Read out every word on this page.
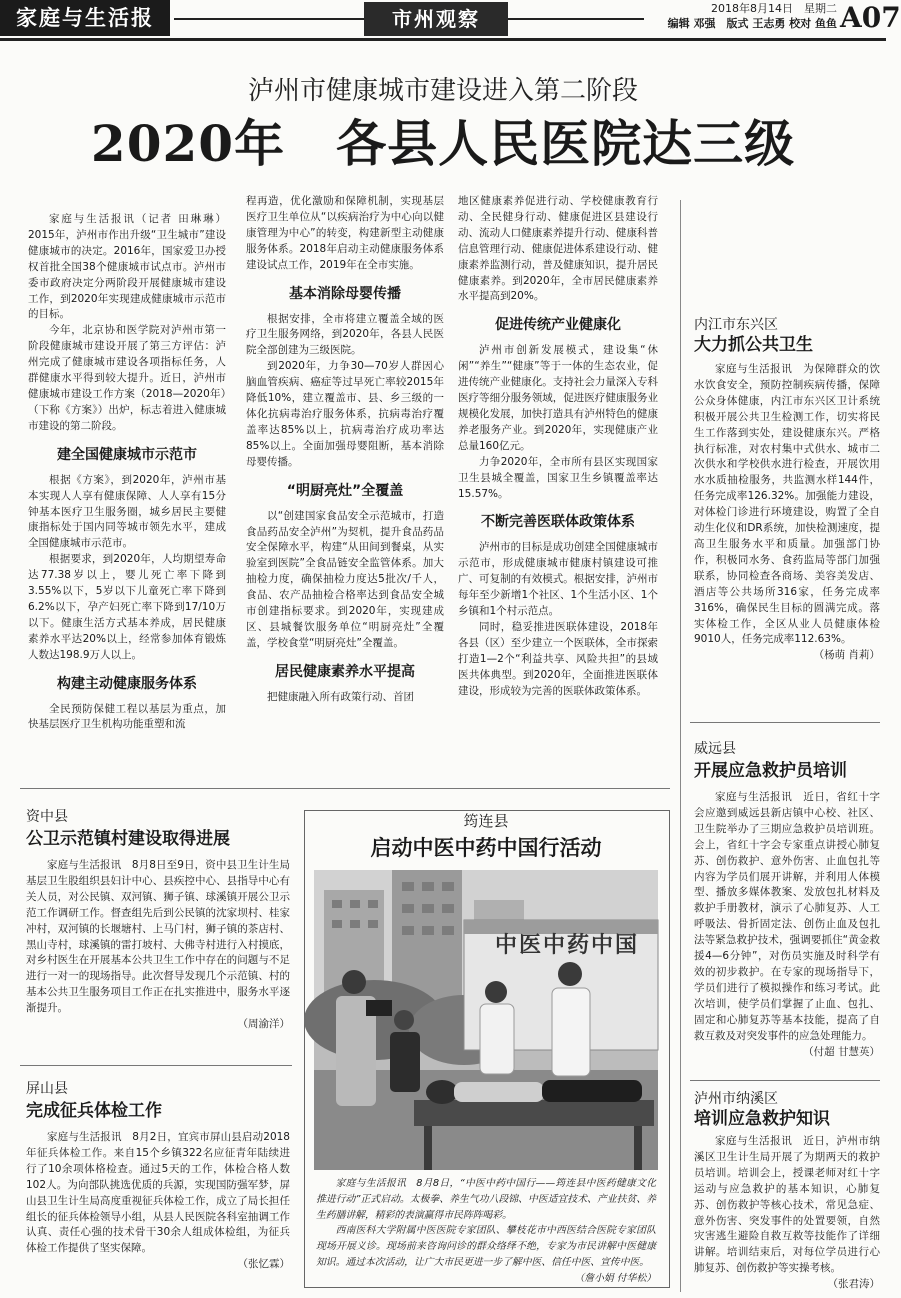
家庭与生活报	市州观察	2018年8月14日　星期二
编辑 邓强　版式 王志勇 校对 鱼鱼 A07
泸州市健康城市建设进入第二阶段
2020年　各县人民医院达三级

家庭与生活报讯（记者 田琳琳）2015年，泸州市作出升级“卫生城市”建设健康城市的决定。2016年，国家爱卫办授权首批全国38个健康城市试点市。泸州市委市政府决定分两阶段开展健康城市建设工作，到2020年实现建成健康城市示范市的目标。

今年，北京协和医学院对泸州市第一阶段健康城市建设开展了第三方评估：泸州完成了健康城市建设各项指标任务，人群健康水平得到较大提升。近日，泸州市健康城市建设工作方案（2018—2020年）（下称《方案》）出炉，标志着进入健康城市建设的第二阶段。

建全国健康城市示范市

根据《方案》，到2020年，泸州市基本实现人人享有健康保障、人人享有15分钟基本医疗卫生服务圈，城乡居民主要健康指标处于国内同等城市领先水平，建成全国健康城市示范市。

根据要求，到2020年，人均期望寿命达77.38岁以上，婴儿死亡率下降到3.55%以下，5岁以下儿童死亡率下降到6.2%以下，孕产妇死亡率下降到17/10万以下。健康生活方式基本养成，居民健康素养水平达20%以上，经常参加体育锻炼人数达198.9万人以上。

构建主动健康服务体系

全民预防保健工程以基层为重点，加快基层医疗卫生机构功能重塑和流

程再造，优化激励和保障机制，实现基层医疗卫生单位从“以疾病治疗为中心向以健康管理为中心”的转变，构建新型主动健康服务体系。2018年启动主动健康服务体系建设试点工作，2019年在全市实施。

基本消除母婴传播

根据安排，全市将建立覆盖全域的医疗卫生服务网络，到2020年，各县人民医院全部创建为三级医院。

到2020年，力争30—70岁人群因心脑血管疾病、癌症等过早死亡率较2015年降低10%，建立覆盖市、县、乡三级的一体化抗病毒治疗服务体系，抗病毒治疗覆盖率达85%以上，抗病毒治疗成功率达85%以上。全面加强母婴阻断，基本消除母婴传播。

“明厨亮灶”全覆盖

以“创建国家食品安全示范城市，打造食品药品安全泸州”为契机，提升食品药品安全保障水平，构建“从田间到餐桌，从实验室到医院”全食品链安全监管体系。加大抽检力度，确保抽检力度达5批次/千人，食品、农产品抽检合格率达到食品安全城市创建指标要求。到2020年，实现建成区、县城餐饮服务单位“明厨亮灶”全覆盖，学校食堂“明厨亮灶”全覆盖。

居民健康素养水平提高

把健康融入所有政策行动、首团

地区健康素养促进行动、学校健康教育行动、全民健身行动、健康促进区县建设行动、流动人口健康素养提升行动、健康科普信息管理行动、健康促进体系建设行动、健康素养监测行动，普及健康知识，提升居民健康素养。到2020年，全市居民健康素养水平提高到20%。

促进传统产业健康化

泸州市创新发展模式，建设集“休闲”“养生”“健康”等于一体的生态农业，促进传统产业健康化。支持社会力量深入专科医疗等细分服务领域，促进医疗健康服务业规模化发展，加快打造具有泸州特色的健康养老服务产业。到2020年，实现健康产业总量160亿元。

力争2020年，全市所有县区实现国家卫生县城全覆盖，国家卫生乡镇覆盖率达15.57%。

不断完善医联体政策体系

泸州市的目标是成功创建全国健康城市示范市，形成健康城市健康村镇建设可推广、可复制的有效模式。根据安排，泸州市每年至少新增1个社区、1个生活小区、1个乡镇和1个村示范点。

同时，稳妥推进医联体建设，2018年各县（区）至少建立一个医联体，全市探索打造1—2个“利益共享、风险共担”的县域医共体典型。到2020年，全面推进医联体建设，形成较为完善的医联体政策体系。

内江市东兴区
大力抓公共卫生

家庭与生活报讯　为保障群众的饮水饮食安全，预防控制疾病传播，保障公众身体健康，内江市东兴区卫计系统积极开展公共卫生检测工作，切实将民生工作落到实处，建设健康东兴。严格执行标准，对农村集中式供水、城市二次供水和学校供水进行检查，开展饮用水水质抽检服务，共监测水样144件，任务完成率126.32%。加强能力建设，对体检门诊进行环境建设，购置了全自动生化仪和DR系统，加快检测速度，提高卫生服务水平和质量。加强部门协作，积极同水务、食药监局等部门加强联系，协同检查各商场、美容美发店、酒店等公共场所316家，任务完成率316%，确保民生目标的圆满完成。落实体检工作，全区从业人员健康体检9010人，任务完成率112.63%。

（杨萌 肖莉）
威远县
开展应急救护员培训

家庭与生活报讯　近日，省红十字会应邀到威远县新店镇中心校、社区、卫生院举办了三期应急救护员培训班。会上，省红十字会专家重点讲授心肺复苏、创伤救护、意外伤害、止血包扎等内容为学员们展开讲解，并利用人体模型、播放多媒体教案、发放包扎材料及救护手册教材，演示了心肺复苏、人工呼吸法、骨折固定法、创伤止血及包扎法等紧急救护技术，强调要抓住“黄金救援4—6分钟”，对伤员实施及时科学有效的初步救护。在专家的现场指导下，学员们进行了模拟操作和练习考试。此次培训，使学员们掌握了止血、包扎、固定和心肺复苏等基本技能，提高了自救互救及对突发事件的应急处理能力。

（付超 甘慧英）
泸州市纳溪区
培训应急救护知识

家庭与生活报讯　近日，泸州市纳溪区卫生计生局开展了为期两天的救护员培训。培训会上，授课老师对红十字运动与应急救护的基本知识，心肺复苏、创伤救护等核心技术，常见急症、意外伤害、突发事件的处置要领，自然灾害逃生避险自救互救等技能作了详细讲解。培训结束后，对每位学员进行心肺复苏、创伤救护等实操考核。

（张君涛）
资中县
公卫示范镇村建设取得进展

家庭与生活报讯　8月8日至9日，资中县卫生计生局基层卫生股组织县妇计中心、县疾控中心、县指导中心有关人员，对公民镇、双河镇、狮子镇、球溪镇开展公卫示范工作调研工作。督查组先后到公民镇的沈家坝村、桂家冲村，双河镇的长堰塘村、上马门村，狮子镇的茶店村、黑山寺村，球溪镇的雷打坡村、大佛寺村进行入村摸底，对乡村医生在开展基本公共卫生工作中存在的问题与不足进行一对一的现场指导。此次督导发现几个示范镇、村的基本公共卫生服务项目工作正在扎实推进中，服务水平逐渐提升。

（周渝洋）
屏山县
完成征兵体检工作

家庭与生活报讯　8月2日，宜宾市屏山县启动2018年征兵体检工作。来自15个乡镇322名应征青年陆续进行了10余项体格检查。通过5天的工作，体检合格人数102人。为向部队挑选优质的兵源，实现国防强军梦，屏山县卫生计生局高度重视征兵体检工作，成立了局长担任组长的征兵体检领导小组，从县人民医院各科室抽调工作认真、责任心强的技术骨干30余人组成体检组，为征兵体检工作提供了坚实保障。

（张忆霖）
筠连县
启动中医中药中国行活动
中医中药中国

家庭与生活报讯　8月8日，“中医中药中国行——筠连县中医药健康文化推进行动”正式启动。太极拳、养生气功八段锦、中医适宜技术、产业扶贫、养生药膳讲解，精彩的表演赢得市民阵阵喝彩。

西南医科大学附属中医医院专家团队、攀枝花市中西医结合医院专家团队现场开展义诊。现场前来咨询问诊的群众络绎不绝，专家为市民讲解中医健康知识。通过本次活动，让广大市民更进一步了解中医、信任中医、宣传中医。

（詹小娟 付华松）
